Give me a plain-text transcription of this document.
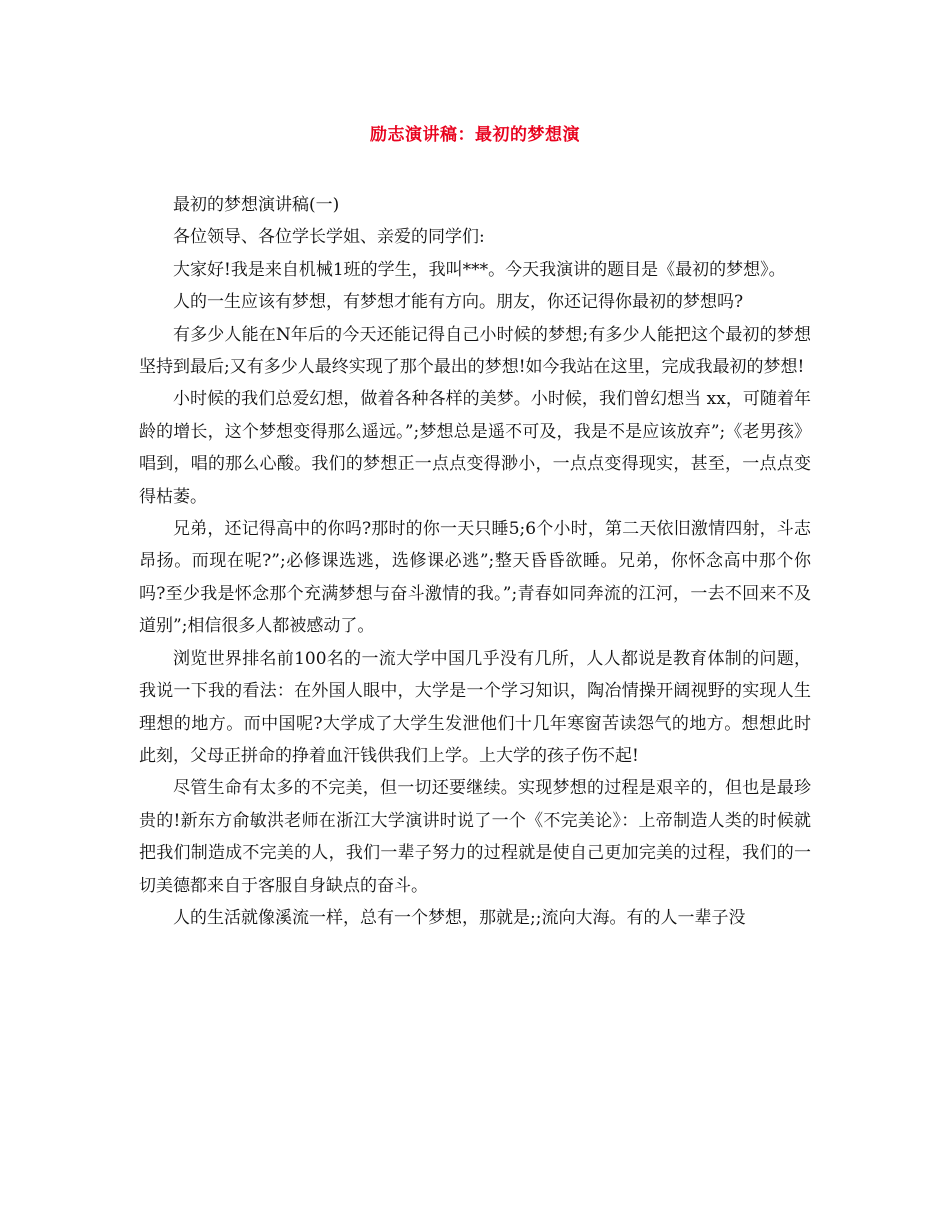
励志演讲稿：最初的梦想演

最初的梦想演讲稿(一)

各位领导、各位学长学姐、亲爱的同学们:

大家好!我是来自机械1班的学生，我叫***。今天我演讲的题目是《最初的梦想》。

人的一生应该有梦想，有梦想才能有方向。朋友，你还记得你最初的梦想吗?

有多少人能在N年后的今天还能记得自己小时候的梦想;有多少人能把这个最初的梦想坚持到最后;又有多少人最终实现了那个最出的梦想!如今我站在这里，完成我最初的梦想!

小时候的我们总爱幻想，做着各种各样的美梦。小时候，我们曾幻想当 xx，可随着年龄的增长，这个梦想变得那么遥远。”;梦想总是遥不可及，我是不是应该放弃”;《老男孩》唱到，唱的那么心酸。我们的梦想正一点点变得渺小，一点点变得现实，甚至，一点点变得枯萎。

兄弟，还记得高中的你吗?那时的你一天只睡5;6个小时，第二天依旧激情四射，斗志昂扬。而现在呢?”;必修课选逃，选修课必逃”;整天昏昏欲睡。兄弟，你怀念高中那个你吗?至少我是怀念那个充满梦想与奋斗激情的我。”;青春如同奔流的江河，一去不回来不及道别”;相信很多人都被感动了。

浏览世界排名前100名的一流大学中国几乎没有几所，人人都说是教育体制的问题，我说一下我的看法：在外国人眼中，大学是一个学习知识，陶冶情操开阔视野的实现人生理想的地方。而中国呢?大学成了大学生发泄他们十几年寒窗苦读怨气的地方。想想此时此刻，父母正拼命的挣着血汗钱供我们上学。上大学的孩子伤不起!

尽管生命有太多的不完美，但一切还要继续。实现梦想的过程是艰辛的，但也是最珍贵的!新东方俞敏洪老师在浙江大学演讲时说了一个《不完美论》：上帝制造人类的时候就把我们制造成不完美的人，我们一辈子努力的过程就是使自己更加完美的过程，我们的一切美德都来自于客服自身缺点的奋斗。

人的生活就像溪流一样，总有一个梦想，那就是;;流向大海。有的人一辈子没
